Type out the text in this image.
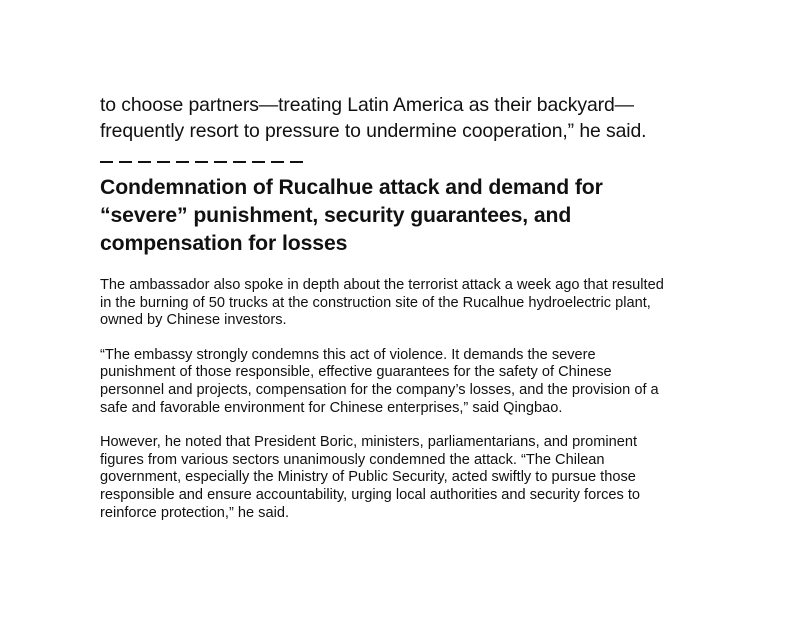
to choose partners—treating Latin America as their backyard—
frequently resort to pressure to undermine cooperation,” he said.

Condemnation of Rucalhue attack and demand for
“severe” punishment, security guarantees, and
compensation for losses

The ambassador also spoke in depth about the terrorist attack a week ago that resulted
in the burning of 50 trucks at the construction site of the Rucalhue hydroelectric plant,
owned by Chinese investors.

“The embassy strongly condemns this act of violence. It demands the severe
punishment of those responsible, effective guarantees for the safety of Chinese
personnel and projects, compensation for the company’s losses, and the provision of a
safe and favorable environment for Chinese enterprises,” said Qingbao.

However, he noted that President Boric, ministers, parliamentarians, and prominent
figures from various sectors unanimously condemned the attack. “The Chilean
government, especially the Ministry of Public Security, acted swiftly to pursue those
responsible and ensure accountability, urging local authorities and security forces to
reinforce protection,” he said.
